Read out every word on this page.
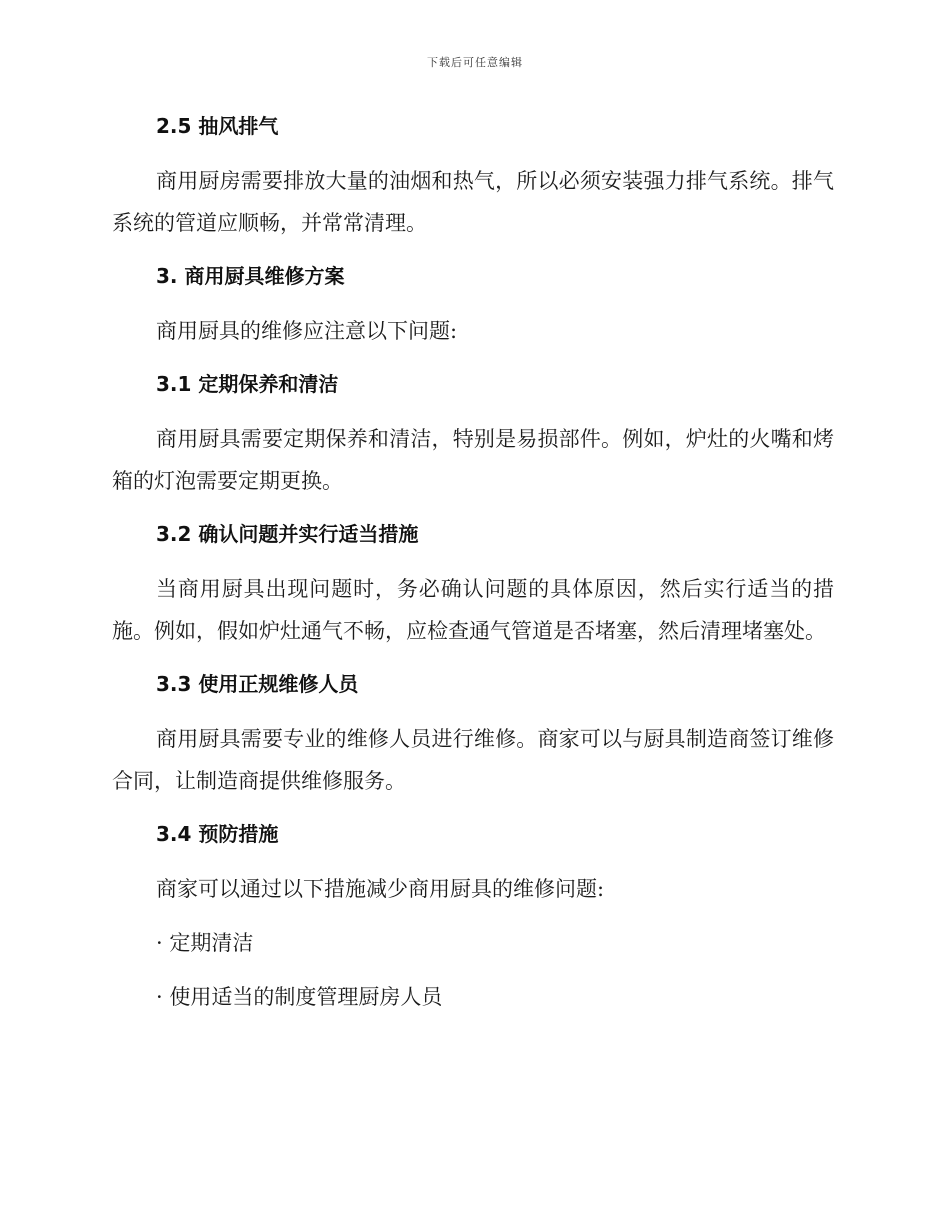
下载后可任意编辑
2.5 抽风排气

商用厨房需要排放大量的油烟和热气，所以必须安装强力排气系统。排气系统的管道应顺畅，并常常清理。

3. 商用厨具维修方案

商用厨具的维修应注意以下问题:

3.1 定期保养和清洁

商用厨具需要定期保养和清洁，特别是易损部件。例如，炉灶的火嘴和烤箱的灯泡需要定期更换。

3.2 确认问题并实行适当措施

当商用厨具出现问题时，务必确认问题的具体原因，然后实行适当的措施。例如，假如炉灶通气不畅，应检查通气管道是否堵塞，然后清理堵塞处。

3.3 使用正规维修人员

商用厨具需要专业的维修人员进行维修。商家可以与厨具制造商签订维修合同，让制造商提供维修服务。

3.4 预防措施

商家可以通过以下措施减少商用厨具的维修问题:

· 定期清洁
· 使用适当的制度管理厨房人员
